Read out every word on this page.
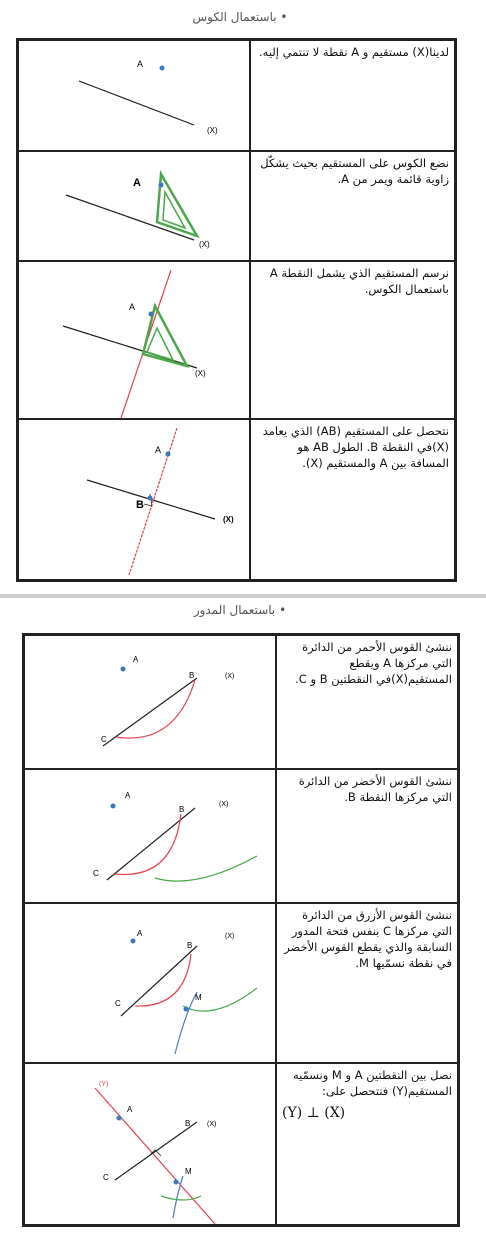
• باستعمال الكوس
A
(X)
لدينا(X) مستقيم و A نقطة لا تنتمي إليه.
A
(X)
نضع الكوس على المستقيم بحيث يشكّل زاوية قائمة ويمر من A.
A
(X)
نرسم المستقيم الذي يشمل النقطة A باستعمال الكوس.
A
B
(X)
نتحصل على المستقيم (AB) الذي يعامد (X)في النقطة B. الطول AB هو المسافة بين A والمستقيم (X).
• باستعمال المدور
A
B
C
(X)
ننشئ القوس الأحمر من الدائرة التي مركزها A ويقطع المستقيم(X)في النقطتين B و C.
A
B
C
(X)
ننشئ القوس الأخضر من الدائرة التي مركزها النقطة B.
A
B
C
M
(X)
ننشئ القوس الأزرق من الدائرة التي مركزها C بنفس فتحة المدور السابقة والذي يقطع القوس الأخضر في نقطة نسمّيها M.
(Y)
A
B (X)
C
M
نصل بين النقطتين A و M ونسمّيه المستقيم(Y) فنتحصل على:
(Y) ⊥ (X)
